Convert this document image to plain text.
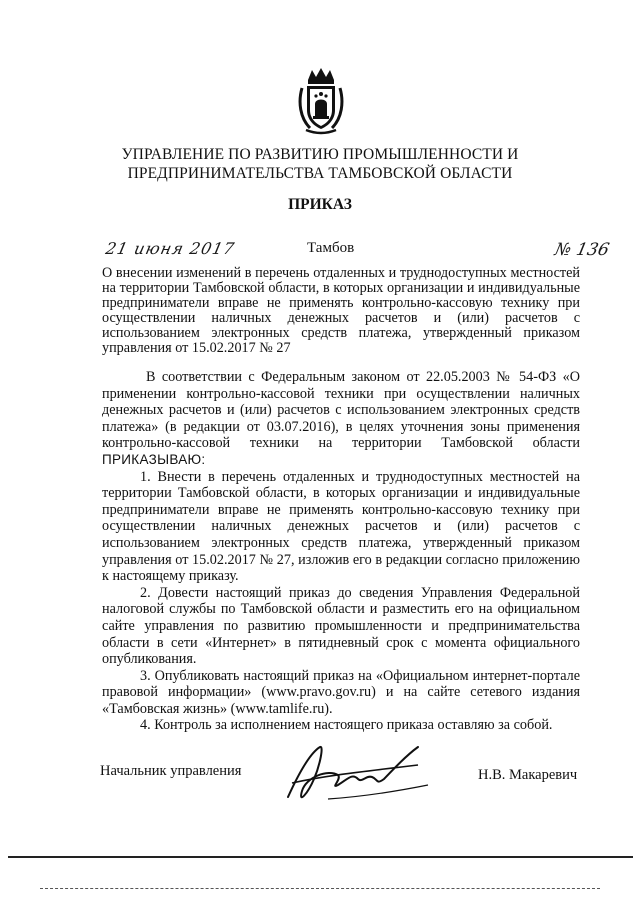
УПРАВЛЕНИЕ ПО РАЗВИТИЮ ПРОМЫШЛЕННОСТИ И
ПРЕДПРИНИМАТЕЛЬСТВА ТАМБОВСКОЙ ОБЛАСТИ
ПРИКАЗ
21 июня 2017	Тамбов	№ 136
О внесении изменений в перечень отдаленных и труднодоступных местностей на территории Тамбовской области, в которых организации и индивидуальные предприниматели вправе не применять контрольно-кассовую технику при осуществлении наличных денежных расчетов и (или) расчетов с использованием электронных средств платежа, утвержденный приказом управления от 15.02.2017 № 27

В соответствии с Федеральным законом от 22.05.2003 № 54-ФЗ «О применении контрольно-кассовой техники при осуществлении наличных денежных расчетов и (или) расчетов с использованием электронных средств платежа» (в редакции от 03.07.2016), в целях уточнения зоны применения контрольно-кассовой техники на территории Тамбовской области ПРИКАЗЫВАЮ:

1. Внести в перечень отдаленных и труднодоступных местностей на территории Тамбовской области, в которых организации и индивидуальные предприниматели вправе не применять контрольно-кассовую технику при осуществлении наличных денежных расчетов и (или) расчетов с использованием электронных средств платежа, утвержденный приказом управления от 15.02.2017 № 27, изложив его в редакции согласно приложению к настоящему приказу.

2. Довести настоящий приказ до сведения Управления Федеральной налоговой службы по Тамбовской области и разместить его на официальном сайте управления по развитию промышленности и предпринимательства области в сети «Интернет» в пятидневный срок с момента официального опубликования.

3. Опубликовать настоящий приказ на «Официальном интернет-портале правовой информации» (www.pravo.gov.ru) и на сайте сетевого издания «Тамбовская жизнь» (www.tamlife.ru).

4. Контроль за исполнением настоящего приказа оставляю за собой.

Начальник управления	Н.В. Макаревич
